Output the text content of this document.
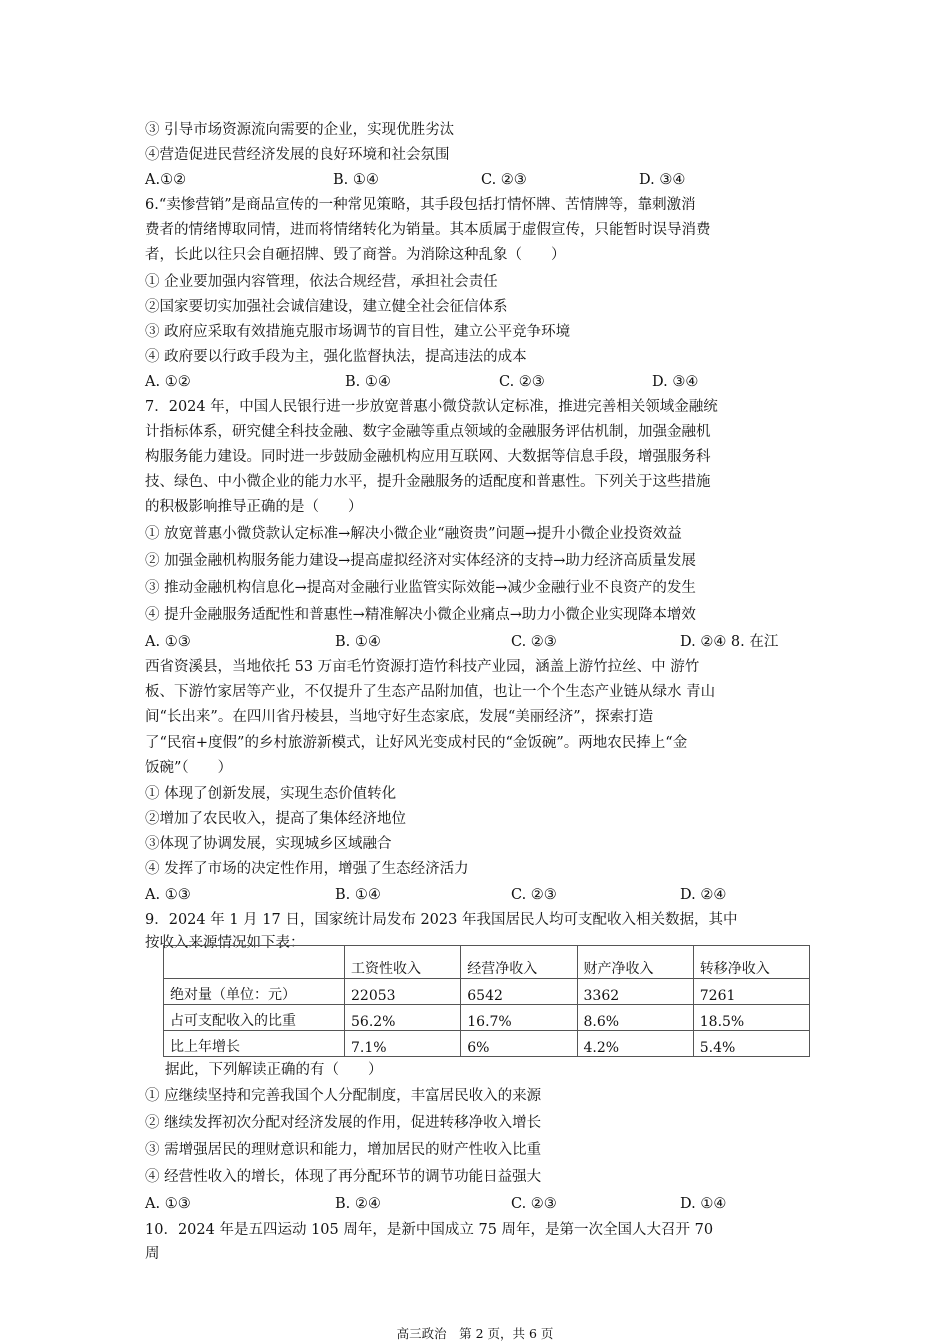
③ 引导市场资源流向需要的企业，实现优胜劣汰
④营造促进民营经济发展的良好环境和社会氛围
A.①②	B. ①④	C. ②③	D. ③④
6.“卖惨营销”是商品宣传的一种常见策略，其手段包括打情怀牌、苦情牌等，靠刺激消
费者的情绪博取同情，进而将情绪转化为销量。其本质属于虚假宣传，只能暂时误导消费
者，长此以往只会自砸招牌、毁了商誉。为消除这种乱象（　　）
① 企业要加强内容管理，依法合规经营，承担社会责任
②国家要切实加强社会诚信建设，建立健全社会征信体系
③ 政府应采取有效措施克服市场调节的盲目性，建立公平竞争环境
④ 政府要以行政手段为主，强化监督执法，提高违法的成本
A. ①②	B. ①④	C. ②③	D. ③④
7．2024 年，中国人民银行进一步放宽普惠小微贷款认定标准，推进完善相关领域金融统
计指标体系，研究健全科技金融、数字金融等重点领域的金融服务评估机制，加强金融机
构服务能力建设。同时进一步鼓励金融机构应用互联网、大数据等信息手段，增强服务科
技、绿色、中小微企业的能力水平，提升金融服务的适配度和普惠性。下列关于这些措施
的积极影响推导正确的是（　　）
① 放宽普惠小微贷款认定标准→解决小微企业“融资贵”问题→提升小微企业投资效益
② 加强金融机构服务能力建设→提高虚拟经济对实体经济的支持→助力经济高质量发展
③ 推动金融机构信息化→提高对金融行业监管实际效能→减少金融行业不良资产的发生
④ 提升金融服务适配性和普惠性→精准解决小微企业痛点→助力小微企业实现降本增效
A. ①③	B. ①④	C. ②③	D. ②④ 8. 在江
西省资溪县，当地依托 53 万亩毛竹资源打造竹科技产业园，涵盖上游竹拉丝、中 游竹
板、下游竹家居等产业，不仅提升了生态产品附加值，也让一个个生态产业链从绿水 青山
间“长出来”。在四川省丹棱县，当地守好生态家底，发展“美丽经济”，探索打造
了“民宿+度假”的乡村旅游新模式，让好风光变成村民的“金饭碗”。两地农民捧上“金
饭碗”（　　）
① 体现了创新发展，实现生态价值转化
②增加了农民收入，提高了集体经济地位
③体现了协调发展，实现城乡区域融合
④ 发挥了市场的决定性作用，增强了生态经济活力
A. ①③	B. ①④	C. ②③	D. ②④
9．2024 年 1 月 17 日，国家统计局发布 2023 年我国居民人均可支配收入相关数据，其中
按收入来源情况如下表：
	工资性收入	经营净收入	财产净收入	转移净收入
绝对量（单位：元）	22053	6542	3362	7261
占可支配收入的比重	56.2%	16.7%	8.6%	18.5%
比上年增长	7.1%	6%	4.2%	5.4%
据此，下列解读正确的有（　　）
① 应继续坚持和完善我国个人分配制度，丰富居民收入的来源
② 继续发挥初次分配对经济发展的作用，促进转移净收入增长
③ 需增强居民的理财意识和能力，增加居民的财产性收入比重
④ 经营性收入的增长，体现了再分配环节的调节功能日益强大
A. ①③	B. ②④	C. ②③	D. ①④
10．2024 年是五四运动 105 周年，是新中国成立 75 周年，是第一次全国人大召开 70
周
高三政治　第 2 页，共 6 页
